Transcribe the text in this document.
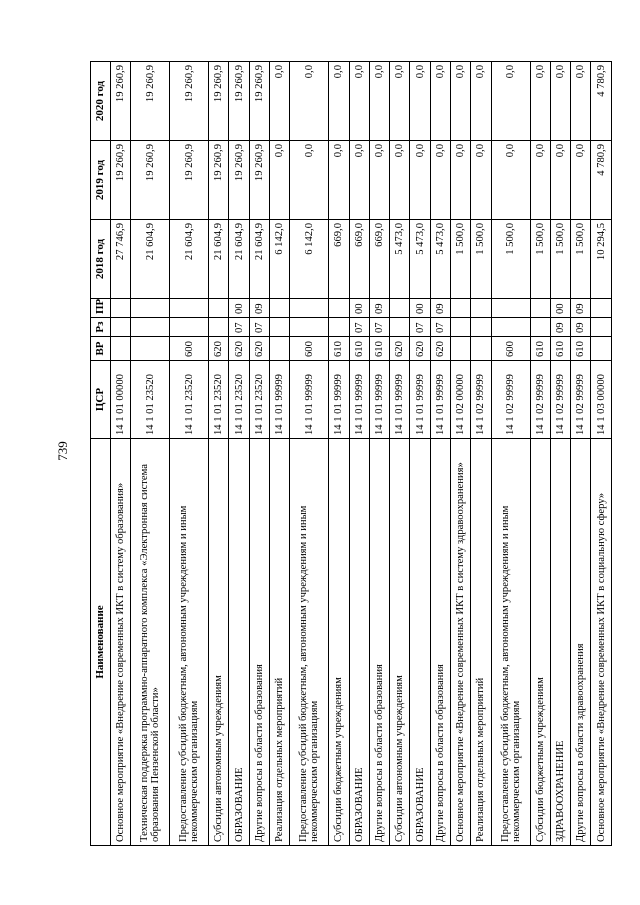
739
Наименование	ЦСР	ВР	Рз	ПР	2018 год	2019 год	2020 год
Основное мероприятие «Внедрение современных ИКТ в систему образования»	14 1 01 00000				27 746,9	19 260,9	19 260,9
Техническая поддержка программно-аппаратного комплекса «Электронная система образования Пензенской области»	14 1 01 23520				21 604,9	19 260,9	19 260,9
Предоставление субсидий бюджетным, автономным учреждениям и иным некоммерческим организациям	14 1 01 23520	600			21 604,9	19 260,9	19 260,9
Субсидии автономным учреждениям	14 1 01 23520	620			21 604,9	19 260,9	19 260,9
ОБРАЗОВАНИЕ	14 1 01 23520	620	07	00	21 604,9	19 260,9	19 260,9
Другие вопросы в области образования	14 1 01 23520	620	07	09	21 604,9	19 260,9	19 260,9
Реализация отдельных мероприятий	14 1 01 99999				6 142,0	0,0	0,0
Предоставление субсидий бюджетным, автономным учреждениям и иным некоммерческим организациям	14 1 01 99999	600			6 142,0	0,0	0,0
Субсидии бюджетным учреждениям	14 1 01 99999	610			669,0	0,0	0,0
ОБРАЗОВАНИЕ	14 1 01 99999	610	07	00	669,0	0,0	0,0
Другие вопросы в области образования	14 1 01 99999	610	07	09	669,0	0,0	0,0
Субсидии автономным учреждениям	14 1 01 99999	620			5 473,0	0,0	0,0
ОБРАЗОВАНИЕ	14 1 01 99999	620	07	00	5 473,0	0,0	0,0
Другие вопросы в области образования	14 1 01 99999	620	07	09	5 473,0	0,0	0,0
Основное мероприятие «Внедрение современных ИКТ в систему здравоохранения»	14 1 02 00000				1 500,0	0,0	0,0
Реализация отдельных мероприятий	14 1 02 99999				1 500,0	0,0	0,0
Предоставление субсидий бюджетным, автономным учреждениям и иным некоммерческим организациям	14 1 02 99999	600			1 500,0	0,0	0,0
Субсидии бюджетным учреждениям	14 1 02 99999	610			1 500,0	0,0	0,0
ЗДРАВООХРАНЕНИЕ	14 1 02 99999	610	09	00	1 500,0	0,0	0,0
Другие вопросы в области здравоохранения	14 1 02 99999	610	09	09	1 500,0	0,0	0,0
Основное мероприятие «Внедрение современных ИКТ в социальную сферу»	14 1 03 00000				10 294,5	4 780,9	4 780,9
